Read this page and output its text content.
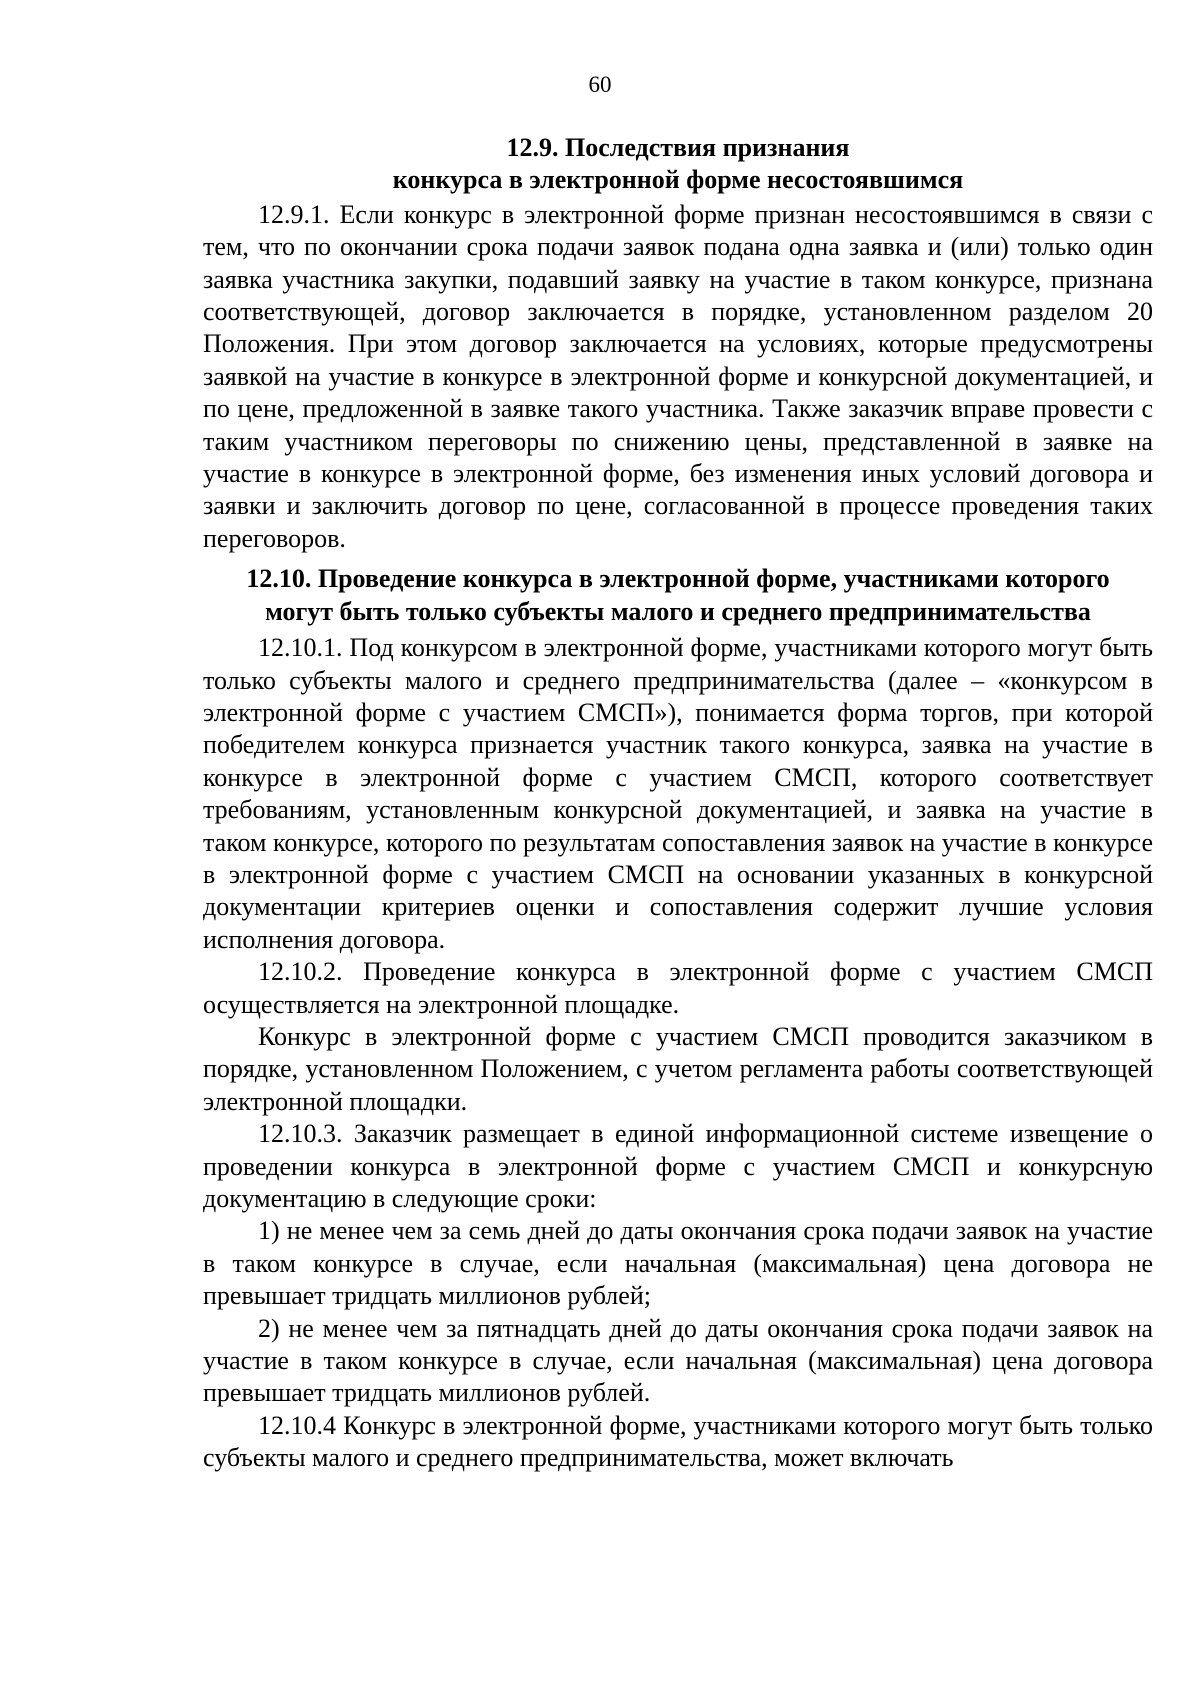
60
12.9. Последствия признания
конкурса в электронной форме несостоявшимся

12.9.1. Если конкурс в электронной форме признан несостоявшимся в связи с тем, что по окончании срока подачи заявок подана одна заявка и (или) только один заявка участника закупки, подавший заявку на участие в таком конкурсе, признана соответствующей, договор заключается в порядке, установленном разделом 20 Положения. При этом договор заключается на условиях, которые предусмотрены заявкой на участие в конкурсе в электронной форме и конкурсной документацией, и по цене, предложенной в заявке такого участника. Также заказчик вправе провести с таким участником переговоры по снижению цены, представленной в заявке на участие в конкурсе в электронной форме, без изменения иных условий договора и заявки и заключить договор по цене, согласованной в процессе проведения таких переговоров.

12.10. Проведение конкурса в электронной форме, участниками которого
могут быть только субъекты малого и среднего предпринимательства

12.10.1. Под конкурсом в электронной форме, участниками которого могут быть только субъекты малого и среднего предпринимательства (далее – «конкурсом в электронной форме с участием СМСП»), понимается форма торгов, при которой победителем конкурса признается участник такого конкурса, заявка на участие в конкурсе в электронной форме с участием СМСП, которого соответствует требованиям, установленным конкурсной документацией, и заявка на участие в таком конкурсе, которого по результатам сопоставления заявок на участие в конкурсе в электронной форме с участием СМСП на основании указанных в конкурсной документации критериев оценки и сопоставления содержит лучшие условия исполнения договора.

12.10.2. Проведение конкурса в электронной форме с участием СМСП осуществляется на электронной площадке.

Конкурс в электронной форме с участием СМСП проводится заказчиком в порядке, установленном Положением, с учетом регламента работы соответствующей электронной площадки.

12.10.3. Заказчик размещает в единой информационной системе извещение о проведении конкурса в электронной форме с участием СМСП и конкурсную документацию в следующие сроки:

1) не менее чем за семь дней до даты окончания срока подачи заявок на участие в таком конкурсе в случае, если начальная (максимальная) цена договора не превышает тридцать миллионов рублей;

2) не менее чем за пятнадцать дней до даты окончания срока подачи заявок на участие в таком конкурсе в случае, если начальная (максимальная) цена договора превышает тридцать миллионов рублей.

12.10.4 Конкурс в электронной форме, участниками которого могут быть только субъекты малого и среднего предпринимательства, может включать
